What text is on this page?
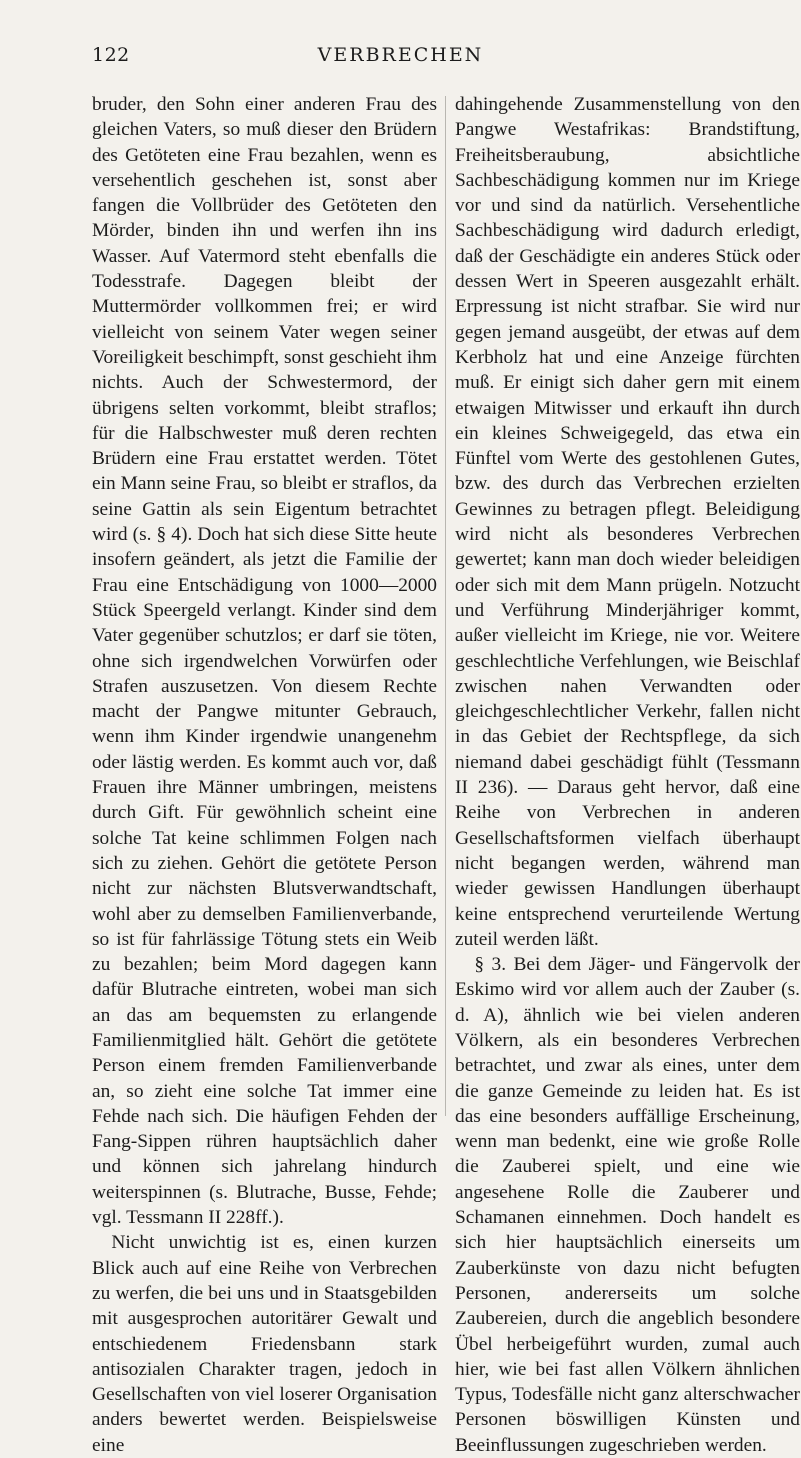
122	VERBRECHEN

bruder, den Sohn einer anderen Frau des gleichen Vaters, so muß dieser den Brüdern des Getöteten eine Frau bezahlen, wenn es versehentlich geschehen ist, sonst aber fangen die Vollbrüder des Getöteten den Mörder, binden ihn und werfen ihn ins Wasser. Auf Vatermord steht ebenfalls die Todesstrafe. Dagegen bleibt der Muttermörder vollkommen frei; er wird vielleicht von seinem Vater wegen seiner Voreiligkeit beschimpft, sonst geschieht ihm nichts. Auch der Schwestermord, der übrigens selten vorkommt, bleibt straflos; für die Halbschwester muß deren rechten Brüdern eine Frau erstattet werden. Tötet ein Mann seine Frau, so bleibt er straflos, da seine Gattin als sein Eigentum betrachtet wird (s. § 4). Doch hat sich diese Sitte heute insofern geändert, als jetzt die Familie der Frau eine Entschädigung von 1000—2000 Stück Speergeld verlangt. Kinder sind dem Vater gegenüber schutzlos; er darf sie töten, ohne sich irgendwelchen Vorwürfen oder Strafen auszusetzen. Von diesem Rechte macht der Pangwe mitunter Gebrauch, wenn ihm Kinder irgendwie unangenehm oder lästig werden. Es kommt auch vor, daß Frauen ihre Männer umbringen, meistens durch Gift. Für gewöhnlich scheint eine solche Tat keine schlimmen Folgen nach sich zu ziehen. Gehört die getötete Person nicht zur nächsten Blutsverwandtschaft, wohl aber zu demselben Familienverbande, so ist für fahrlässige Tötung stets ein Weib zu bezahlen; beim Mord dagegen kann dafür Blutrache eintreten, wobei man sich an das am bequemsten zu erlangende Familienmitglied hält. Gehört die getötete Person einem fremden Familienverbande an, so zieht eine solche Tat immer eine Fehde nach sich. Die häufigen Fehden der Fang-Sippen rühren hauptsächlich daher und können sich jahrelang hindurch weiterspinnen (s. Blutrache, Busse, Fehde; vgl. Tessmann II 228ff.).

Nicht unwichtig ist es, einen kurzen Blick auch auf eine Reihe von Verbrechen zu werfen, die bei uns und in Staatsgebilden mit ausgesprochen autoritärer Gewalt und entschiedenem Friedensbann stark antisozialen Charakter tragen, jedoch in Gesellschaften von viel loserer Organisation anders bewertet werden. Beispielsweise eine

dahingehende Zusammenstellung von den Pangwe Westafrikas: Brandstiftung, Freiheitsberaubung, absichtliche Sachbeschädigung kommen nur im Kriege vor und sind da natürlich. Versehentliche Sachbeschädigung wird dadurch erledigt, daß der Geschädigte ein anderes Stück oder dessen Wert in Speeren ausgezahlt erhält. Erpressung ist nicht strafbar. Sie wird nur gegen jemand ausgeübt, der etwas auf dem Kerbholz hat und eine Anzeige fürchten muß. Er einigt sich daher gern mit einem etwaigen Mitwisser und erkauft ihn durch ein kleines Schweigegeld, das etwa ein Fünftel vom Werte des gestohlenen Gutes, bzw. des durch das Verbrechen erzielten Gewinnes zu betragen pflegt. Beleidigung wird nicht als besonderes Verbrechen gewertet; kann man doch wieder beleidigen oder sich mit dem Mann prügeln. Notzucht und Verführung Minderjähriger kommt, außer vielleicht im Kriege, nie vor. Weitere geschlechtliche Verfehlungen, wie Beischlaf zwischen nahen Verwandten oder gleichgeschlechtlicher Verkehr, fallen nicht in das Gebiet der Rechtspflege, da sich niemand dabei geschädigt fühlt (Tessmann II 236). — Daraus geht hervor, daß eine Reihe von Verbrechen in anderen Gesellschaftsformen vielfach überhaupt nicht begangen werden, während man wieder gewissen Handlungen überhaupt keine entsprechend verurteilende Wertung zuteil werden läßt.

§ 3. Bei dem Jäger- und Fängervolk der Eskimo wird vor allem auch der Zauber (s. d. A), ähnlich wie bei vielen anderen Völkern, als ein besonderes Verbrechen betrachtet, und zwar als eines, unter dem die ganze Gemeinde zu leiden hat. Es ist das eine besonders auffällige Erscheinung, wenn man bedenkt, eine wie große Rolle die Zauberei spielt, und eine wie angesehene Rolle die Zauberer und Schamanen einnehmen. Doch handelt es sich hier hauptsächlich einerseits um Zauberkünste von dazu nicht befugten Personen, andererseits um solche Zaubereien, durch die angeblich besondere Übel herbeigeführt wurden, zumal auch hier, wie bei fast allen Völkern ähnlichen Typus, Todesfälle nicht ganz alterschwacher Personen böswilligen Künsten und Beeinflussungen zugeschrieben werden.
